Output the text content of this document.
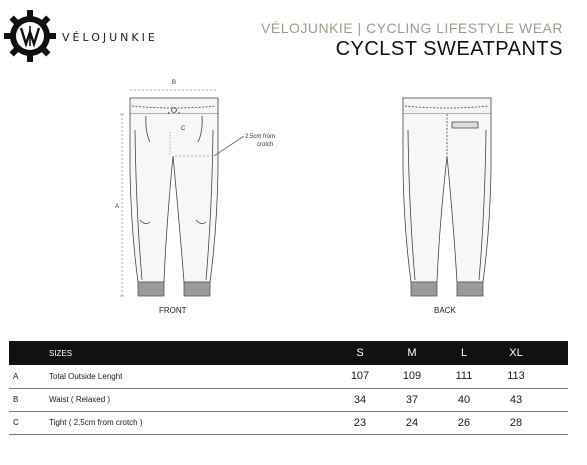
VÉLOJUNKIE
VÉLOJUNKIE | CYCLING LIFESTYLE WEAR
CYCLST SWEATPANTS
B
A
C
2,5cm from
crotch
FRONT	BACK
	SIZES	S	M	L	XL	
A	Total Outside Lenght	107	109	111	113	
B	Waist ( Relaxed )	34	37	40	43	
C	Tight ( 2,5cm from crotch )	23	24	26	28	
